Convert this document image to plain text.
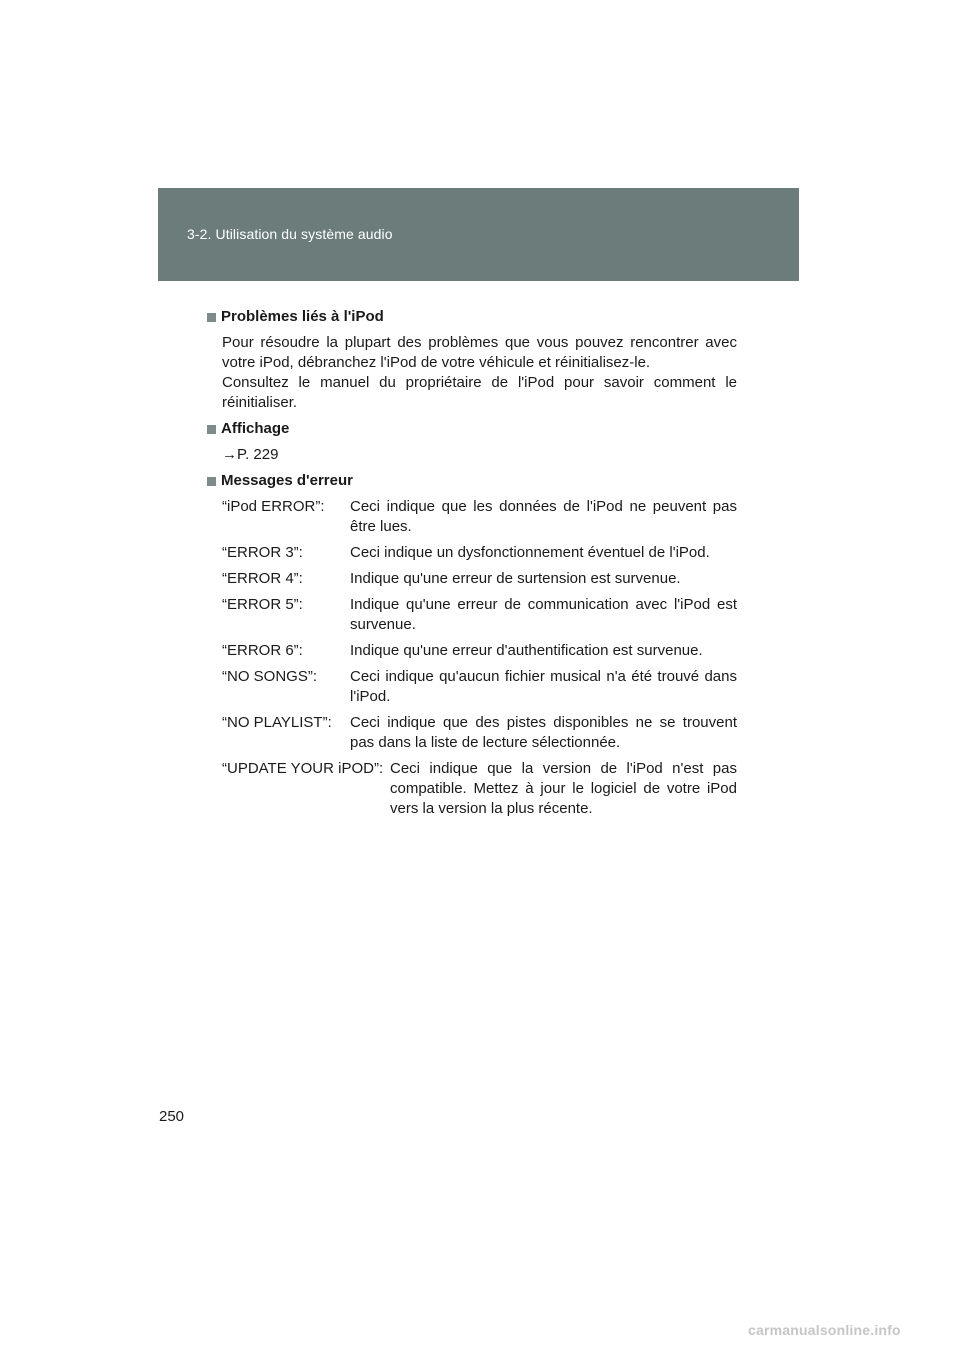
3-2. Utilisation du système audio
Problèmes liés à l'iPod
Pour résoudre la plupart des problèmes que vous pouvez rencontrer avec
votre iPod, débranchez l'iPod de votre véhicule et réinitialisez-le.
Consultez le manuel du propriétaire de l'iPod pour savoir comment le
réinitialiser.
Affichage
→P. 229
Messages d'erreur
“iPod ERROR”:	Ceci indique que les données de l'iPod ne peuvent pas être lues.
“ERROR 3”:	Ceci indique un dysfonctionnement éventuel de l'iPod.
“ERROR 4”:	Indique qu'une erreur de surtension est survenue.
“ERROR 5”:	Indique qu'une erreur de communication avec l'iPod est survenue.
“ERROR 6”:	Indique qu'une erreur d'authentification est survenue.
“NO SONGS”:	Ceci indique qu'aucun fichier musical n'a été trouvé dans l'iPod.
“NO PLAYLIST”:	Ceci indique que des pistes disponibles ne se trouvent pas dans la liste de lecture sélectionnée.
“UPDATE YOUR iPOD”: Ceci indique que la version de l'iPod n'est pas compatible. Mettez à jour le logiciel de votre iPod vers la version la plus récente.
250
carmanualsonline.info
